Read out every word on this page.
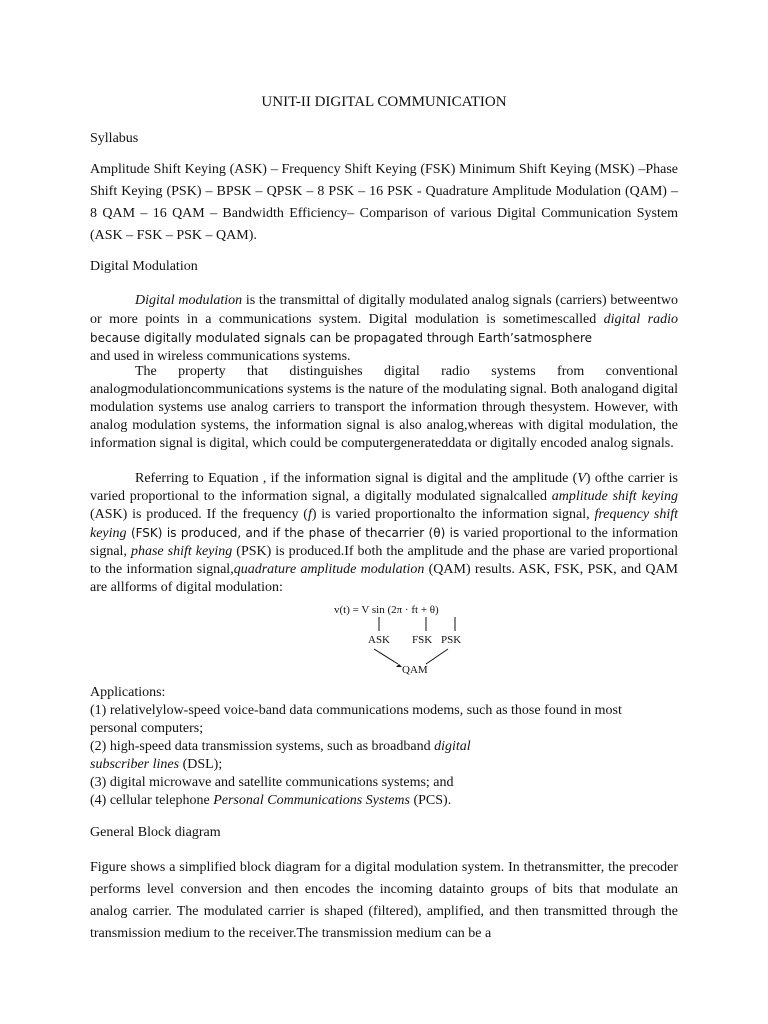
UNIT-II DIGITAL COMMUNICATION
Syllabus

Amplitude Shift Keying (ASK) – Frequency Shift Keying (FSK) Minimum Shift Keying (MSK) –Phase Shift Keying (PSK) – BPSK – QPSK – 8 PSK – 16 PSK - Quadrature Amplitude Modulation (QAM) – 8 QAM – 16 QAM – Bandwidth Efficiency– Comparison of various Digital Communication System (ASK – FSK – PSK – QAM).

Digital Modulation

Digital modulation is the transmittal of digitally modulated analog signals (carriers) betweentwo or more points in a communications system. Digital modulation is sometimescalled digital radio because digitally modulated signals can be propagated through Earth’satmosphere
and used in wireless communications systems.

The property that distinguishes digital radio systems from conventional analogmodulationcommunications systems is the nature of the modulating signal. Both analogand digital modulation systems use analog carriers to transport the information through thesystem. However, with analog modulation systems, the information signal is also analog,whereas with digital modulation, the information signal is digital, which could be computergenerateddata or digitally encoded analog signals.

Referring to Equation , if the information signal is digital and the amplitude (V) ofthe carrier is varied proportional to the information signal, a digitally modulated signalcalled amplitude shift keying (ASK) is produced. If the frequency (f) is varied proportionalto the information signal, frequency shift keying (FSK) is produced, and if the phase of thecarrier (θ) is varied proportional to the information signal, phase shift keying (PSK) is produced.If both the amplitude and the phase are varied proportional to the information signal,quadrature amplitude modulation (QAM) results. ASK, FSK, PSK, and QAM are allforms of digital modulation:

v(t) = V sin (2π · ft + θ)
ASK FSK PSK
QAM
Applications:
(1) relativelylow-speed voice-band data communications modems, such as those found in most
personal computers;
(2) high-speed data transmission systems, such as broadband digital
subscriber lines (DSL);
(3) digital microwave and satellite communications systems; and
(4) cellular telephone Personal Communications Systems (PCS).
General Block diagram

Figure shows a simplified block diagram for a digital modulation system. In thetransmitter, the precoder performs level conversion and then encodes the incoming datainto groups of bits that modulate an analog carrier. The modulated carrier is shaped (filtered), amplified, and then transmitted through the transmission medium to the receiver.The transmission medium can be a
